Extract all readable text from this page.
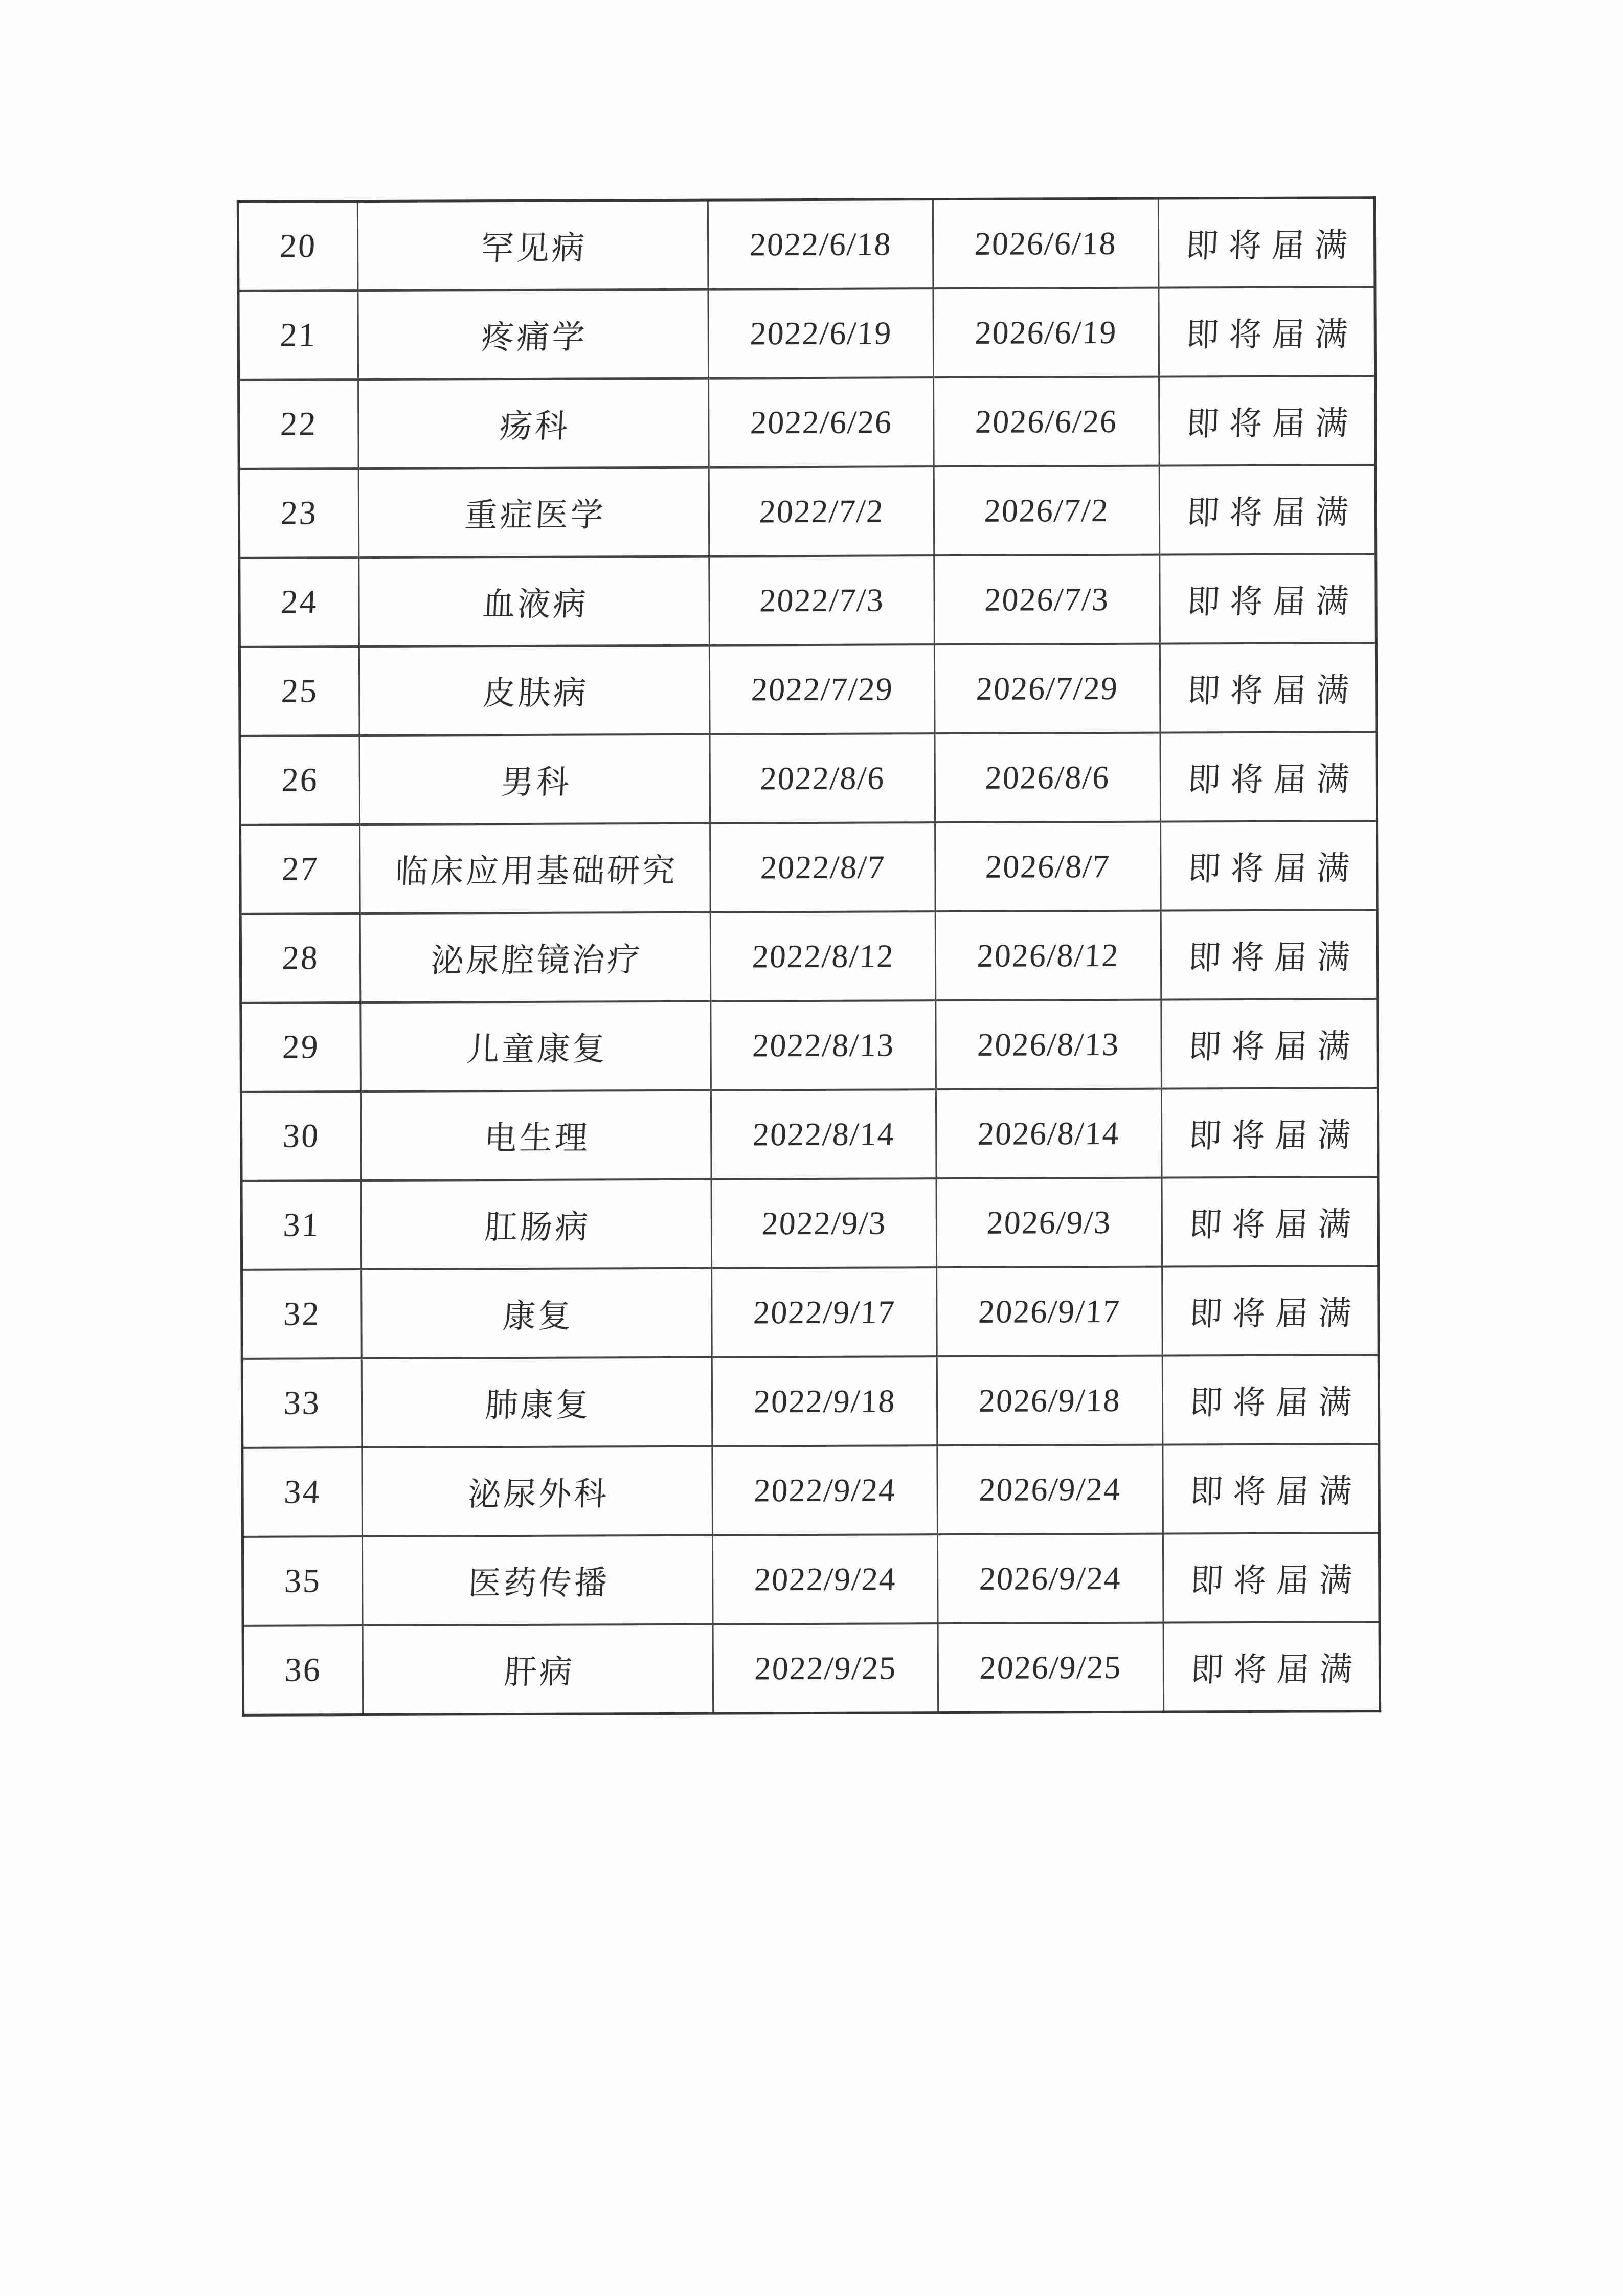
20	罕见病	2022/6/18	2026/6/18	即将届满
21	疼痛学	2022/6/19	2026/6/19	即将届满
22	疡科	2022/6/26	2026/6/26	即将届满
23	重症医学	2022/7/2	2026/7/2	即将届满
24	血液病	2022/7/3	2026/7/3	即将届满
25	皮肤病	2022/7/29	2026/7/29	即将届满
26	男科	2022/8/6	2026/8/6	即将届满
27	临床应用基础研究	2022/8/7	2026/8/7	即将届满
28	泌尿腔镜治疗	2022/8/12	2026/8/12	即将届满
29	儿童康复	2022/8/13	2026/8/13	即将届满
30	电生理	2022/8/14	2026/8/14	即将届满
31	肛肠病	2022/9/3	2026/9/3	即将届满
32	康复	2022/9/17	2026/9/17	即将届满
33	肺康复	2022/9/18	2026/9/18	即将届满
34	泌尿外科	2022/9/24	2026/9/24	即将届满
35	医药传播	2022/9/24	2026/9/24	即将届满
36	肝病	2022/9/25	2026/9/25	即将届满
